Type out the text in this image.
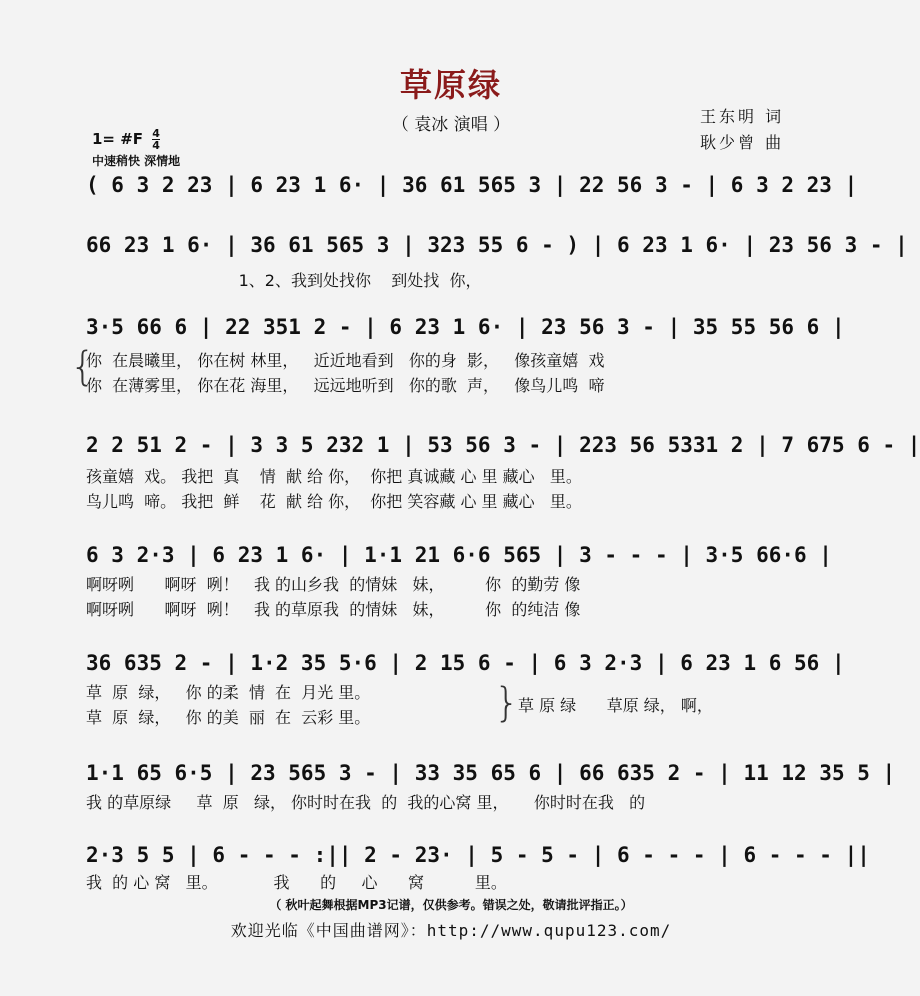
草原绿
（ 袁冰 演唱 ）	王东明 词
耿少曾 曲
1= #F $\frac{4}{4}$
中速稍快 深情地
( 6 3 2 23 | 6 23 1 6· | 36 61 565 3 | 22 56 3 - | 6 3 2 23 |
66 23 1 6· | 36 61 565 3 | 323 55 6 - ) | 6 23 1 6· | 23 56 3 - |
1、2、我到处找你    到处找  你，
3·5 66 6 | 22 351 2 - | 6 23 1 6· | 23 56 3 - | 35 55 56 6 |
{
你  在晨曦里， 你在树 林里，   近近地看到   你的身  影，   像孩童嬉  戏
你  在薄雾里， 你在花 海里，   远远地听到   你的歌  声，   像鸟儿鸣  啼
2 2 51 2 - | 3 3 5 232 1 | 53 56 3 - | 223 56 5331 2 | 7 675 6 - |
孩童嬉  戏。 我把  真    情  献 给 你，  你把 真诚藏 心 里 藏心   里。
鸟儿鸣  啼。 我把  鲜    花  献 给 你，  你把 笑容藏 心 里 藏心   里。
6 3 2·3 | 6 23 1 6· | 1·1 21 6·6 565 | 3 - - - | 3·5 66·6 |
啊呀咧      啊呀  咧！   我 的山乡我  的情妹   妹，        你  的勤劳 像
啊呀咧      啊呀  咧！   我 的草原我  的情妹   妹，        你  的纯洁 像
36 635 2 - | 1·2 35 5·6 | 2 15 6 - | 6 3 2·3 | 6 23 1 6 56 |
草  原  绿，   你 的柔  情  在  月光 里。
草  原  绿，   你 的美  丽  在  云彩 里。	}
草 原 绿      草原 绿， 啊，
1·1 65 6·5 | 23 565 3 - | 33 35 65 6 | 66 635 2 - | 11 12 35 5 |
我 的草原绿     草  原   绿， 你时时在我  的  我的心窝 里，     你时时在我   的
2·3 5 5 | 6 - - - :|| 2 - 23· | 5 - 5 - | 6 - - - | 6 - - - ||
我  的 心 窝   里。           我      的     心      窝          里。
（ 秋叶起舞根据MP3记谱，仅供参考。错误之处，敬请批评指正。）
欢迎光临《中国曲谱网》：http://www.qupu123.com/
